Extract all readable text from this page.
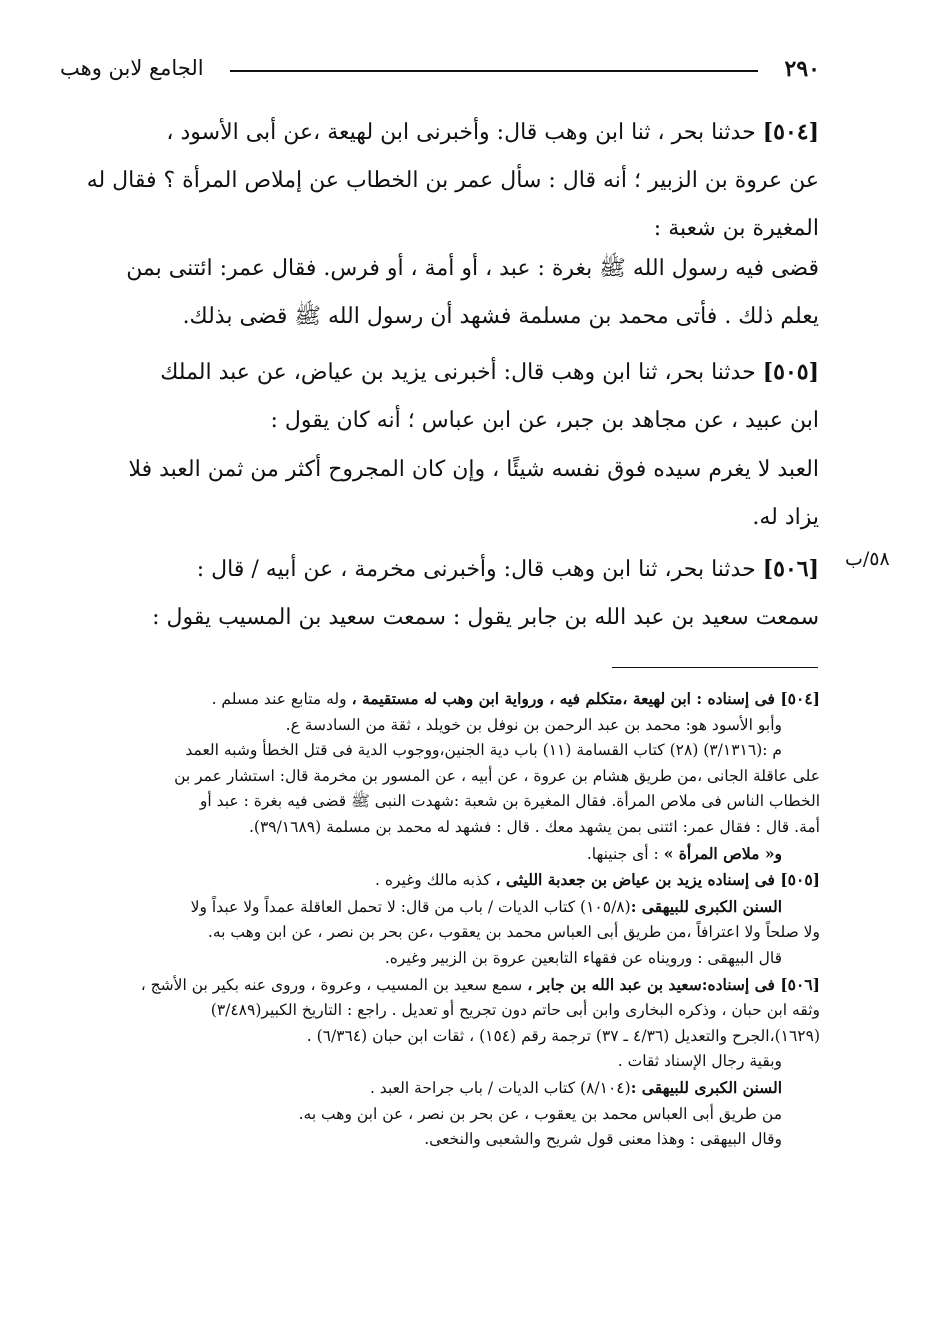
٢٩٠
الجامع لابن وهب

[٥٠٤] حدثنا بحر ، ثنا ابن وهب قال: وأخبرنى ابن لهيعة ،عن أبى الأسود ،

عن عروة بن الزبير ؛ أنه قال : سأل عمر بن الخطاب عن إملاص المرأة ؟ فقال له

المغيرة بن شعبة :

قضى فيه رسول الله ﷺ بغرة : عبد ، أو أمة ، أو فرس. فقال عمر: ائتنى بمن

يعلم ذلك . فأتى محمد بن مسلمة فشهد أن رسول الله ﷺ قضى بذلك.

[٥٠٥] حدثنا بحر، ثنا ابن وهب قال: أخبرنى يزيد بن عياض، عن عبد الملك

ابن عبيد ، عن مجاهد بن جبر، عن ابن عباس ؛ أنه كان يقول :

العبد لا يغرم سيده فوق نفسه شيئًا ، وإن كان المجروح أكثر من ثمن العبد فلا

يزاد له.

[٥٠٦] حدثنا بحر، ثنا ابن وهب قال: وأخبرنى مخرمة ، عن أبيه / قال :

سمعت سعيد بن عبد الله بن جابر يقول : سمعت سعيد بن المسيب يقول :

٥٨/ب

[٥٠٤] فى إسناده : ابن لهيعة ،متكلم فيه ، ورواية ابن وهب له مستقيمة ، وله متابع عند مسلم .

وأبو الأسود هو: محمد بن عبد الرحمن بن نوفل بن خويلد ، ثقة من السادسة ع.

م :(٣/١٣١٦) (٢٨) كتاب القسامة (١١) باب دية الجنين،ووجوب الدية فى قتل الخطأ وشبه العمد

على عاقلة الجانى ،من طريق هشام بن عروة ، عن أبيه ، عن المسور بن مخرمة قال: استشار عمر بن

الخطاب الناس فى ملاص المرأة. فقال المغيرة بن شعبة :شهدت النبى ﷺ قضى فيه بغرة : عبد أو

أمة. قال : فقال عمر: ائتنى بمن يشهد معك . قال : فشهد له محمد بن مسلمة (٣٩/١٦٨٩).

و« ملاص المرأة » : أى جنينها.

[٥٠٥] فى إسناده يزيد بن عياض بن جعدبة الليثى ، كذبه مالك وغيره .

السنن الكبرى للبيهقى :(١٠٥/٨) كتاب الديات / باب من قال: لا تحمل العاقلة عمداً ولا عبداً ولا

ولا صلحاً ولا اعترافاً ،من طريق أبى العباس محمد بن يعقوب ،عن بحر بن نصر ، عن ابن وهب به.

قال البيهقى : ورويناه عن فقهاء التابعين عروة بن الزبير وغيره.

[٥٠٦] فى إسناده:سعيد بن عبد الله بن جابر ، سمع سعيد بن المسيب ، وعروة ، وروى عنه بكير بن الأشج ،

وثقه ابن حبان ، وذكره البخارى وابن أبى حاتم دون تجريح أو تعديل . راجع : التاريخ الكبير(٣/٤٨٩)

(١٦٢٩)،الجرح والتعديل (٤/٣٦ ـ ٣٧) ترجمة رقم (١٥٤) ، ثقات ابن حبان (٦/٣٦٤) .

وبقية رجال الإسناد ثقات .

السنن الكبرى للبيهقى :(٨/١٠٤) كتاب الديات / باب جراحة العبد .

من طريق أبى العباس محمد بن يعقوب ، عن بحر بن نصر ، عن ابن وهب به.

وقال البيهقى : وهذا معنى قول شريح والشعبى والنخعى.
